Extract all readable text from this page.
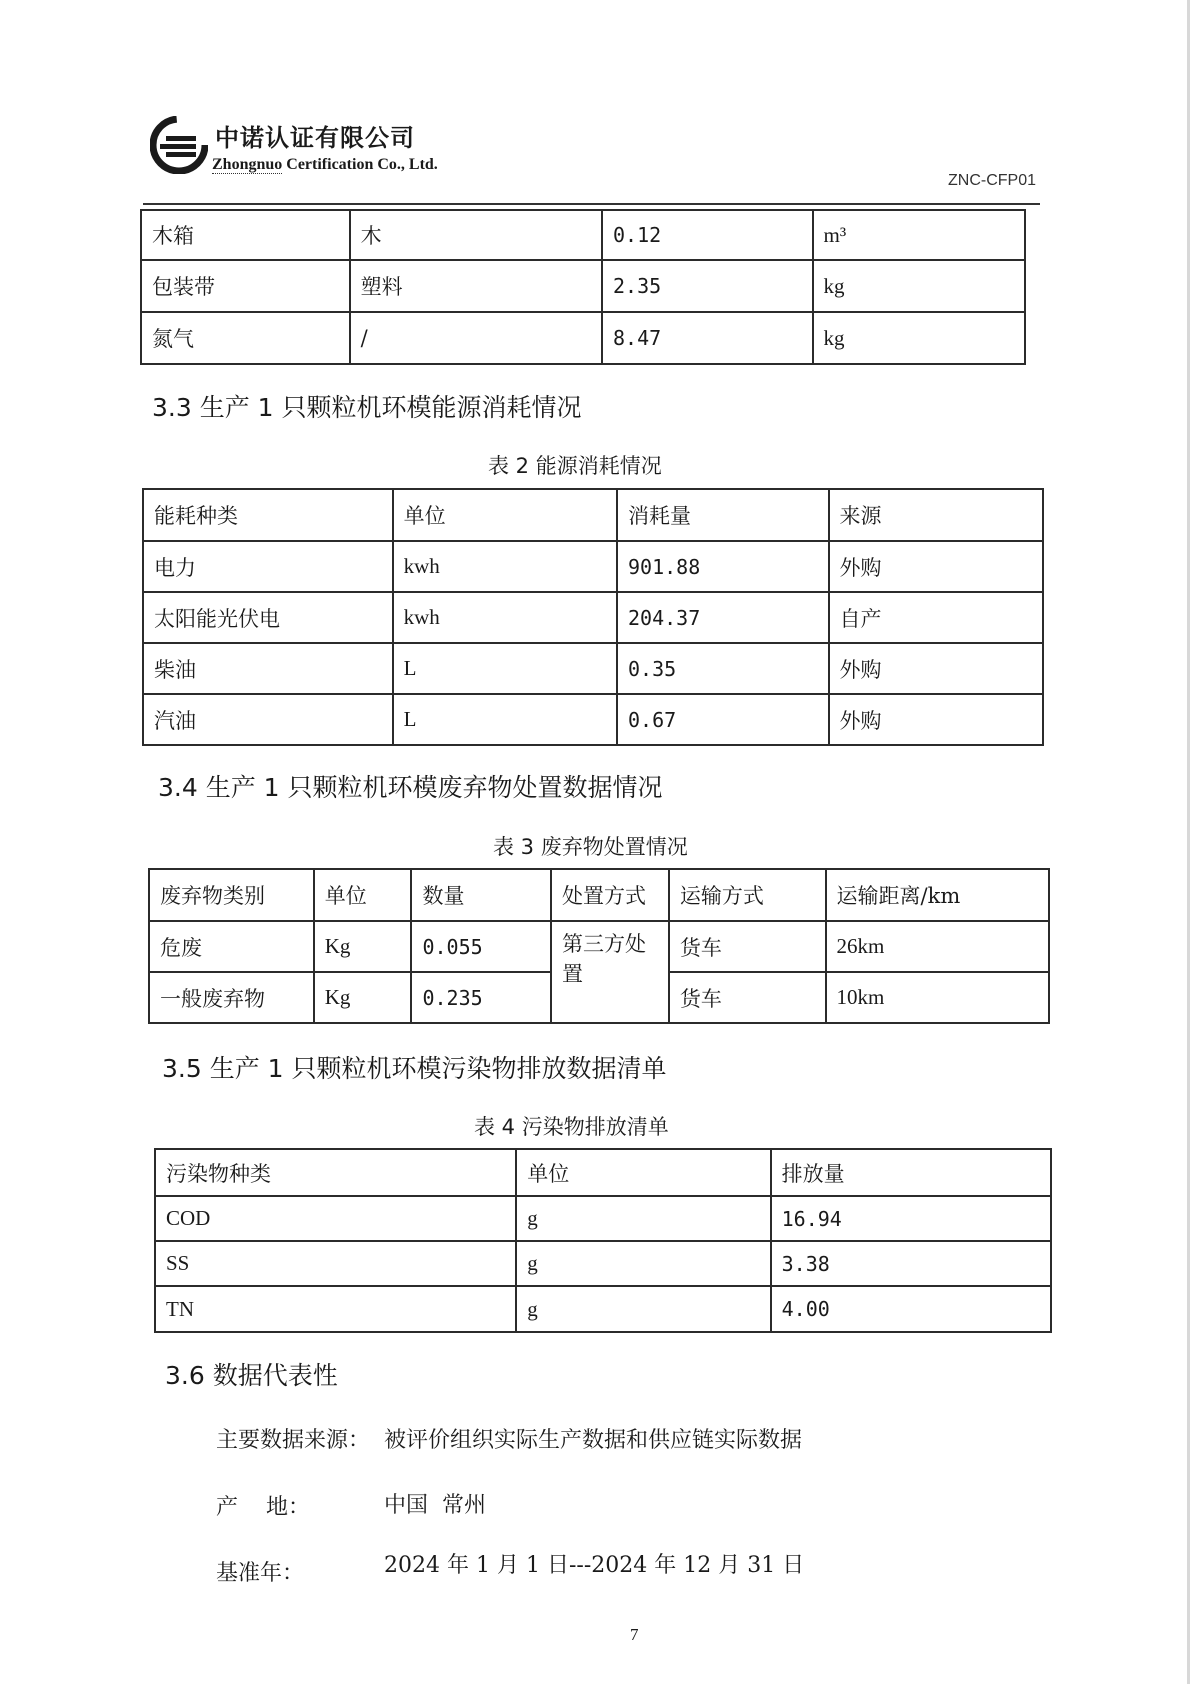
中诺认证有限公司
Zhongnuo Certification Co., Ltd.
ZNC-CFP01
木箱	木	0.12	m³
包装带	塑料	2.35	kg
氮气	/	8.47	kg
3.3 生产 1 只颗粒机环模能源消耗情况
表 2 能源消耗情况
能耗种类	单位	消耗量	来源
电力	kwh	901.88	外购
太阳能光伏电	kwh	204.37	自产
柴油	L	0.35	外购
汽油	L	0.67	外购
3.4 生产 1 只颗粒机环模废弃物处置数据情况
表 3 废弃物处置情况
废弃物类别	单位	数量	处置方式	运输方式	运输距离/km
危废	Kg	0.055	第三方处置	货车	26km
一般废弃物	Kg	0.235		货车	10km
3.5 生产 1 只颗粒机环模污染物排放数据清单
表 4 污染物排放清单
污染物种类	单位	排放量
COD	g	16.94
SS	g	3.38
TN	g	4.00
3.6 数据代表性
主要数据来源： 被评价组织实际生产数据和供应链实际数据
产    地：	中国  常州
基准年：	2024 年 1 月 1 日---2024 年 12 月 31 日
7
